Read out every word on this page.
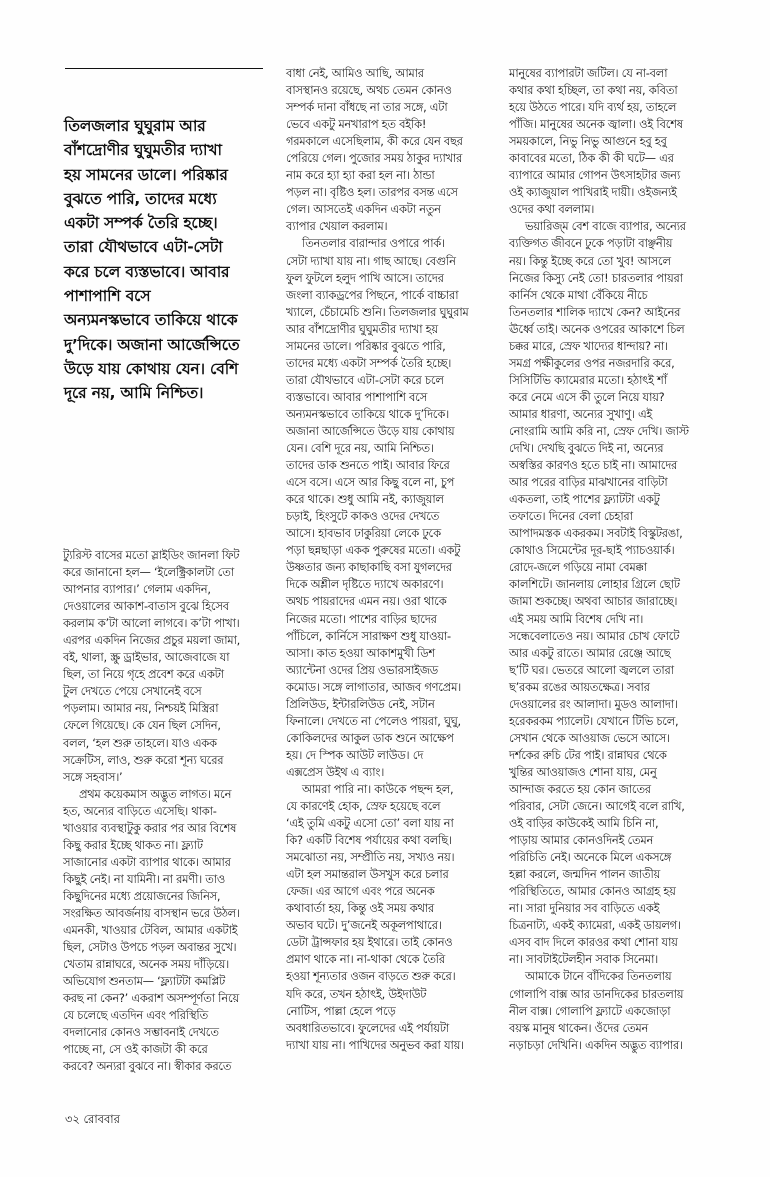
তিলজলার ঘুঘুরাম আর
বাঁশদ্রোণীর ঘুঘুমতীর দ্যাখা
হয় সামনের ডালে। পরিষ্কার
বুঝতে পারি, তাদের মধ্যে
একটা সম্পর্ক তৈরি হচ্ছে।
তারা যৌথভাবে এটা-সেটা
করে চলে ব্যস্তভাবে। আবার
পাশাপাশি বসে
অন্যমনস্কভাবে তাকিয়ে থাকে
দু’দিকে। অজানা আর্জেন্সিতে
উড়ে যায় কোথায় যেন। বেশি
দূরে নয়, আমি নিশ্চিত।
ট্যুরিস্ট বাসের মতো স্লাইডিং জানলা ফিট
করে জানানো হল— ‘ইলেক্ট্রিকালটা তো
আপনার ব্যাপার।’ গেলাম একদিন,
দেওয়ালের আকাশ-বাতাস বুঝে হিসেব
করলাম ক’টা আলো লাগবে। ক’টা পাখা।
এরপর একদিন নিজের প্রচুর ময়লা জামা,
বই, থালা, স্ক্রু ড্রাইভার, আজেবাজে যা
ছিল, তা নিয়ে গৃহে প্রবেশ করে একটা
টুল দেখতে পেয়ে সেখানেই বসে
পড়লাম। আমার নয়, নিশ্চয়ই মিস্ত্রিরা
ফেলে গিয়েছে। কে যেন ছিল সেদিন,
বলল, ‘হল শুরু তাহলে। যাও একক
সক্রেটিস, লাও, শুরু করো শূন্য ঘরের
সঙ্গে সহবাস।’
প্রথম কয়েকমাস অদ্ভুত লাগত। মনে
হত, অন্যের বাড়িতে এসেছি। থাকা-
খাওয়ার ব্যবস্থাটুকু করার পর আর বিশেষ
কিছু করার ইচ্ছে থাকত না। ফ্ল্যাট
সাজানোর একটা ব্যাপার থাকে। আমার
কিছুই নেই। না যামিনী। না রমণী। তাও
কিছুদিনের মধ্যে প্রয়োজনের জিনিস,
সংরক্ষিত আবর্জনায় বাসস্থান ভরে উঠল।
এমনকী, খাওয়ার টেবিল, আমার একটাই
ছিল, সেটাও উপচে পড়ল অবান্তর সুখে।
খেতাম রান্নাঘরে, অনেক সময় দাঁড়িয়ে।
অভিযোগ শুনতাম— ‘ফ্ল্যাটটা কমপ্লিট
করছ না কেন?’ একরাশ অসম্পূর্ণতা নিয়ে
যে চলেছে এতদিন এবং পরিস্থিতি
বদলানোর কোনও সম্ভাবনাই দেখতে
পাচ্ছে না, সে ওই কাজটা কী করে
করবে? অন্যরা বুঝবে না। স্বীকার করতে
বাধা নেই, আমিও আছি, আমার
বাসস্থানও রয়েছে, অথচ তেমন কোনও
সম্পর্ক দানা বাঁধছে না তার সঙ্গে, এটা
ভেবে একটু মনখারাপ হত বইকি!
গরমকালে এসেছিলাম, কী করে যেন বছর
পেরিয়ে গেল। পুজোর সময় ঠাকুর দ্যাখার
নাম করে হ্যা হ্যা করা হল না। ঠান্ডা
পড়ল না। বৃষ্টিও হল। তারপর বসন্ত এসে
গেল। আসতেই একদিন একটা নতুন
ব্যাপার খেয়াল করলাম।
তিনতলার বারান্দার ওপারে পার্ক।
সেটা দ্যাখা যায় না। গাছ আছে। বেগুনি
ফুল ফুটলে হলুদ পাখি আসে। তাদের
জংলা ব্যাকড্রপের পিছনে, পার্কে বাচ্চারা
খ্যালে, চেঁচামেচি শুনি। তিলজলার ঘুঘুরাম
আর বাঁশদ্রোণীর ঘুঘুমতীর দ্যাখা হয়
সামনের ডালে। পরিষ্কার বুঝতে পারি,
তাদের মধ্যে একটা সম্পর্ক তৈরি হচ্ছে।
তারা যৌথভাবে এটা-সেটা করে চলে
ব্যস্তভাবে। আবার পাশাপাশি বসে
অন্যমনস্কভাবে তাকিয়ে থাকে দু’দিকে।
অজানা আর্জেন্সিতে উড়ে যায় কোথায়
যেন। বেশি দূরে নয়, আমি নিশ্চিত।
তাদের ডাক শুনতে পাই। আবার ফিরে
এসে বসে। এসে আর কিছু বলে না, চুপ
করে থাকে। শুধু আমি নই, ক্যাজুয়াল
চড়াই, হিংসুটে কাকও ওদের দেখতে
আসে। হাবভাব ঢাকুরিয়া লেকে ঢুকে
পড়া ছন্নছাড়া একক পুরুষের মতো। একটু
উষ্ণতার জন্য কাছাকাছি বসা যুগলদের
দিকে অশ্লীল দৃষ্টিতে দ্যাখে অকারণে।
অথচ পায়রাদের এমন নয়। ওরা থাকে
নিজের মতো। পাশের বাড়ির ছাদের
পাঁচিলে, কার্নিসে সারাক্ষণ শুধু যাওয়া-
আসা। কাত হওয়া আকাশমুখী ডিশ
অ্যান্টেনা ওদের প্রিয় ওভারসাইজড
কমোড। সঙ্গে লাগাতার, আজব গণপ্রেম।
প্রিলিউড, ইন্টারলিউড নেই, সটান
ফিনালে। দেখতে না পেলেও পায়রা, ঘুঘু,
কোকিলদের আকুল ডাক শুনে আক্ষেপ
হয়। দে স্পিক আউট লাউড। দে
এক্সপ্রেস উইথ এ ব্যাং।
আমরা পারি না। কাউকে পছন্দ হল,
যে কারণেই হোক, স্রেফ হয়েছে বলে
‘এই তুমি একটু এসো তো’ বলা যায় না
কি? একটি বিশেষ পর্যায়ের কথা বলছি।
সমঝোতা নয়, সম্প্রীতি নয়, সখ্যও নয়।
এটা হল সমান্তরাল উসখুস করে চলার
ফেজ। এর আগে এবং পরে অনেক
কথাবার্তা হয়, কিন্তু ওই সময় কথার
অভাব ঘটে। দু’জনেই অকূলপাথারে।
ডেটা ট্রান্সফার হয় ইথারে। তাই কোনও
প্রমাণ থাকে না। না-থাকা থেকে তৈরি
হওয়া শূন্যতার ওজন বাড়তে শুরু করে।
যদি করে, তখন হঠাৎই, উইদাউট
নোটিস, পাল্লা হেলে পড়ে
অবধারিতভাবে। ফুলেদের এই পর্যায়টা
দ্যাখা যায় না। পাখিদের অনুভব করা যায়।
মানুষের ব্যাপারটা জটিল। যে না-বলা
কথার কথা হচ্ছিল, তা কথা নয়, কবিতা
হয়ে উঠতে পারে। যদি ব্যর্থ হয়, তাহলে
পাঁজি। মানুষের অনেক জ্বালা। ওই বিশেষ
সময়কালে, নিভু নিভু আগুনে হবু হবু
কাবাবের মতো, ঠিক কী কী ঘটে— এর
ব্যাপারে আমার গোপন উৎসাহটার জন্য
ওই ক্যাজুয়াল পাখিরাই দায়ী। ওইজন্যই
ওদের কথা বললাম।
ভয়ারিজ্‌ম বেশ বাজে ব্যাপার, অন্যের
ব্যক্তিগত জীবনে ঢুকে পড়াটা বাঞ্ছনীয়
নয়। কিন্তু ইচ্ছে করে তো খুব! আসলে
নিজের কিস্যু নেই তো! চারতলার পায়রা
কার্নিস থেকে মাথা বেঁকিয়ে নীচে
তিনতলার শালিক দ্যাখে কেন? আইনের
ঊর্ধ্বে তাই। অনেক ওপরের আকাশে চিল
চক্কর মারে, স্রেফ খাদ্যের ধান্দায়? না।
সমগ্র পক্ষীকুলের ওপর নজরদারি করে,
সিসিটিভি ক্যামেরার মতো। হঠাৎই শাঁ
করে নেমে এসে কী তুলে নিয়ে যায়?
আমার ধারণা, অন্যের সুখাণু। এই
নোংরামি আমি করি না, স্রেফ দেখি। জাস্ট
দেখি। দেখছি বুঝতে দিই না, অন্যের
অস্বস্তির কারণও হতে চাই না। আমাদের
আর পরের বাড়ির মাঝখানের বাড়িটা
একতলা, তাই পাশের ফ্ল্যাটটা একটু
তফাতে। দিনের বেলা চেহারা
আপাদমস্তক একরকম। সবটাই বিস্কুটরঙা,
কোথাও সিমেন্টের দূর-ছাই প্যাচওয়ার্ক।
রোদে-জলে গড়িয়ে নামা বেমক্কা
কালশিটে। জানলায় লোহার গ্রিলে ছোট
জামা শুকচ্ছে। অথবা আচার জারাচ্ছে।
এই সময় আমি বিশেষ দেখি না।
সন্ধেবেলাতেও নয়। আমার চোখ ফোটে
আর একটু রাতে। আমার রেঞ্জে আছে
ছ’টি ঘর। ভেতরে আলো জ্বললে তারা
ছ’রকম রঙের আয়তক্ষেত্র। সবার
দেওয়ালের রং আলাদা। মুডও আলাদা।
হরেকরকম প্যালেট। যেখানে টিভি চলে,
সেখান থেকে আওয়াজ ভেসে আসে।
দর্শকের রুচি টের পাই। রান্নাঘর থেকে
খুন্তির আওয়াজও শোনা যায়, মেনু
আন্দাজ করতে হয় কোন জাতের
পরিবার, সেটা জেনে। আগেই বলে রাখি,
ওই বাড়ির কাউকেই আমি চিনি না,
পাড়ায় আমার কোনওদিনই তেমন
পরিচিতি নেই। অনেকে মিলে একসঙ্গে
হল্লা করলে, জন্মদিন পালন জাতীয়
পরিস্থিতিতে, আমার কোনও আগ্রহ হয়
না। সারা দুনিয়ার সব বাড়িতে একই
চিত্রনাট্য, একই ক্যামেরা, একই ডায়লগ।
এসব বাদ দিলে কারওর কথা শোনা যায়
না। সাবটাইটেলহীন সবাক সিনেমা।
আমাকে টানে বাঁদিকের তিনতলায়
গোলাপি বাক্স আর ডানদিকের চারতলায়
নীল বাক্স। গোলাপি ফ্ল্যাটে একজোড়া
বয়স্ক মানুষ থাকেন। ওঁদের তেমন
নড়াচড়া দেখিনি। একদিন অদ্ভুত ব্যাপার।
৩২ রোববার
